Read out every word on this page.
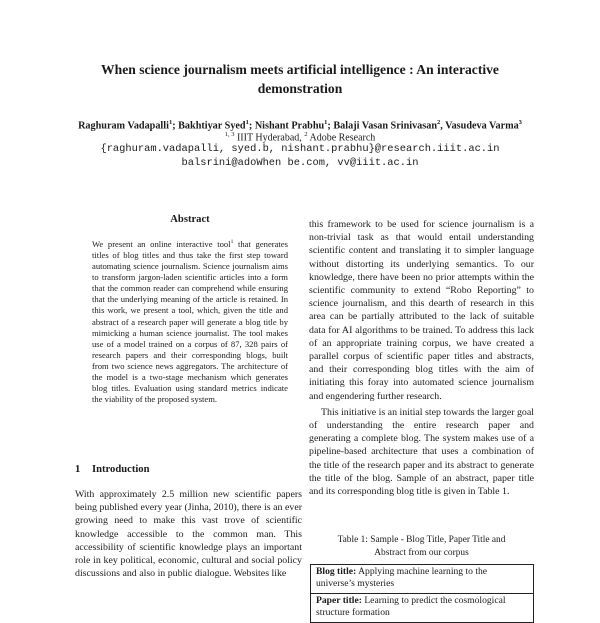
When science journalism meets artificial intelligence : An interactive demonstration
Raghuram Vadapalli$^1$; Bakhtiyar Syed$^1$; Nishant Prabhu$^1$; Balaji Vasan Srinivasan$^2$, Vasudeva Varma$^3$
$^{1, 3}$ IIIT Hyderabad, $^2$ Adobe Research
{raghuram.vadapalli, syed.b, nishant.prabhu}@research.iiit.ac.in
balsrini@adoWhen be.com, vv@iiit.ac.in
Abstract
We present an online interactive tool$^1$ that generates titles of blog titles and thus take the first step toward automating science journalism. Science journalism aims to transform jargon-laden scientific articles into a form that the common reader can comprehend while ensuring that the underlying meaning of the article is retained. In this work, we present a tool, which, given the title and abstract of a research paper will generate a blog title by mimicking a human science journalist. The tool makes use of a model trained on a corpus of 87, 328 pairs of research papers and their corresponding blogs, built from two science news aggregators. The architecture of the model is a two-stage mechanism which generates blog titles. Evaluation using standard metrics indicate the viability of the proposed system.
1 Introduction
With approximately 2.5 million new scientific papers being published every year (Jinha, 2010), there is an ever growing need to make this vast trove of scientific knowledge accessible to the common man. This accessibility of scientific knowledge plays an important role in key political, economic, cultural and social policy discussions and also in public dialogue. Websites like

this framework to be used for science journalism is a non-trivial task as that would entail understanding scientific content and translating it to simpler language without distorting its underlying semantics. To our knowledge, there have been no prior attempts within the scientific community to extend “Robo Reporting” to science journalism, and this dearth of research in this area can be partially attributed to the lack of suitable data for AI algorithms to be trained. To address this lack of an appropriate training corpus, we have created a parallel corpus of scientific paper titles and abstracts, and their corresponding blog titles with the aim of initiating this foray into automated science journalism and engendering further research.

This initiative is an initial step towards the larger goal of understanding the entire research paper and generating a complete blog. The system makes use of a pipeline-based architecture that uses a combination of the title of the research paper and its abstract to generate the title of the blog. Sample of an abstract, paper title and its corresponding blog title is given in Table 1.

Table 1: Sample - Blog Title, Paper Title and
Abstract from our corpus
Blog title: Applying machine learning to the universe’s mysteries
Paper title: Learning to predict the cosmological structure formation
